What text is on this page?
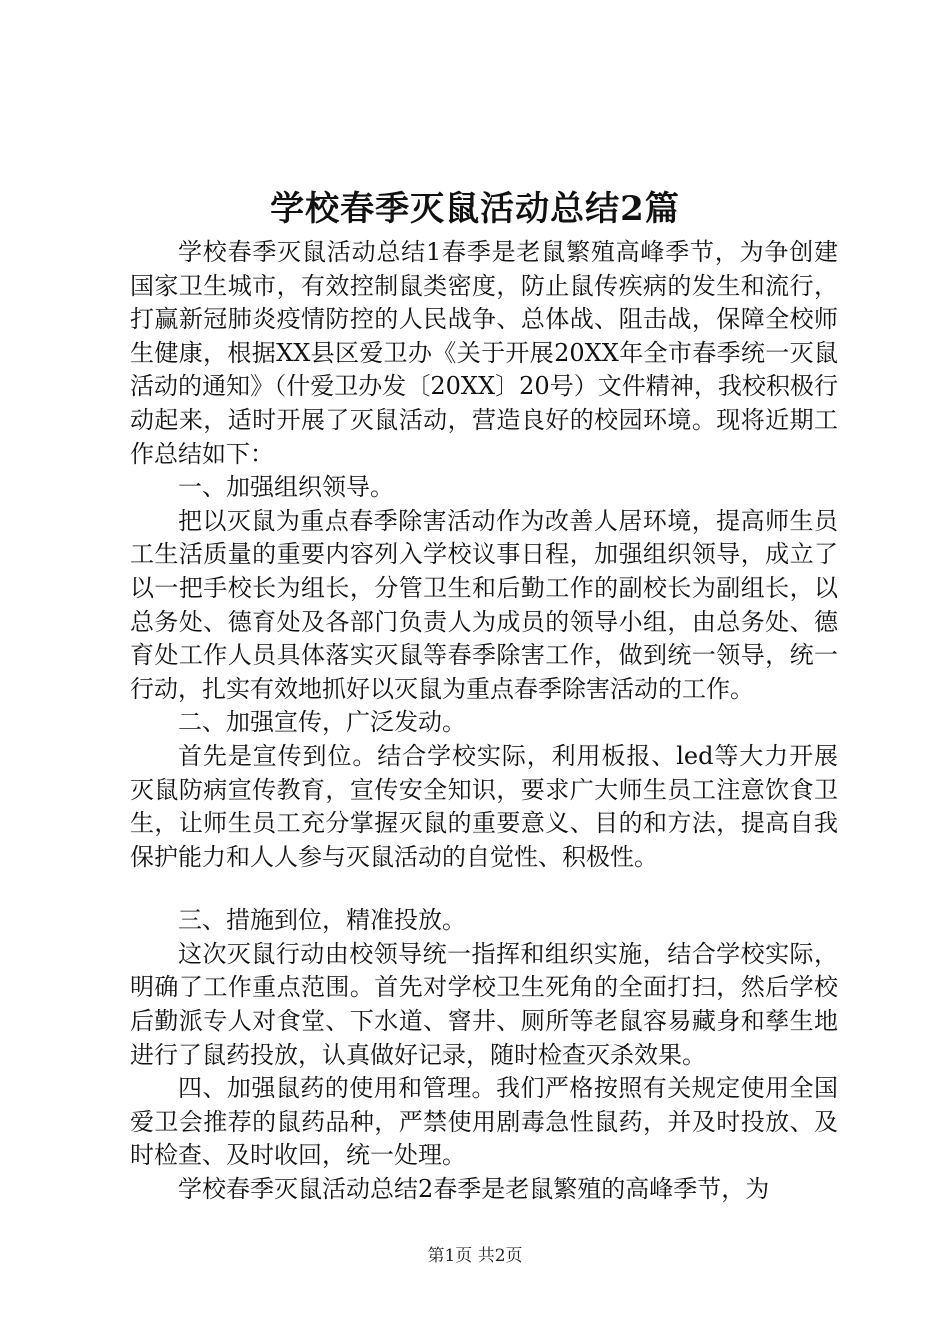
学校春季灭鼠活动总结2篇

学校春季灭鼠活动总结1春季是老鼠繁殖高峰季节，为争创建国家卫生城市，有效控制鼠类密度，防止鼠传疾病的发生和流行，打赢新冠肺炎疫情防控的人民战争、总体战、阻击战，保障全校师生健康，根据XX县区爱卫办《关于开展20XX年全市春季统一灭鼠活动的通知》（什爱卫办发〔20XX〕20号）文件精神，我校积极行动起来，适时开展了灭鼠活动，营造良好的校园环境。现将近期工作总结如下：

一、加强组织领导。

把以灭鼠为重点春季除害活动作为改善人居环境，提高师生员工生活质量的重要内容列入学校议事日程，加强组织领导，成立了以一把手校长为组长，分管卫生和后勤工作的副校长为副组长，以总务处、德育处及各部门负责人为成员的领导小组，由总务处、德育处工作人员具体落实灭鼠等春季除害工作，做到统一领导，统一行动，扎实有效地抓好以灭鼠为重点春季除害活动的工作。

二、加强宣传，广泛发动。

首先是宣传到位。结合学校实际，利用板报、led等大力开展灭鼠防病宣传教育，宣传安全知识，要求广大师生员工注意饮食卫生，让师生员工充分掌握灭鼠的重要意义、目的和方法，提高自我保护能力和人人参与灭鼠活动的自觉性、积极性。

三、措施到位，精准投放。

这次灭鼠行动由校领导统一指挥和组织实施，结合学校实际，明确了工作重点范围。首先对学校卫生死角的全面打扫，然后学校后勤派专人对食堂、下水道、窨井、厕所等老鼠容易藏身和孳生地进行了鼠药投放，认真做好记录，随时检查灭杀效果。

四、加强鼠药的使用和管理。我们严格按照有关规定使用全国爱卫会推荐的鼠药品种，严禁使用剧毒急性鼠药，并及时投放、及时检查、及时收回，统一处理。

学校春季灭鼠活动总结2春季是老鼠繁殖的高峰季节，为

第1页 共2页
